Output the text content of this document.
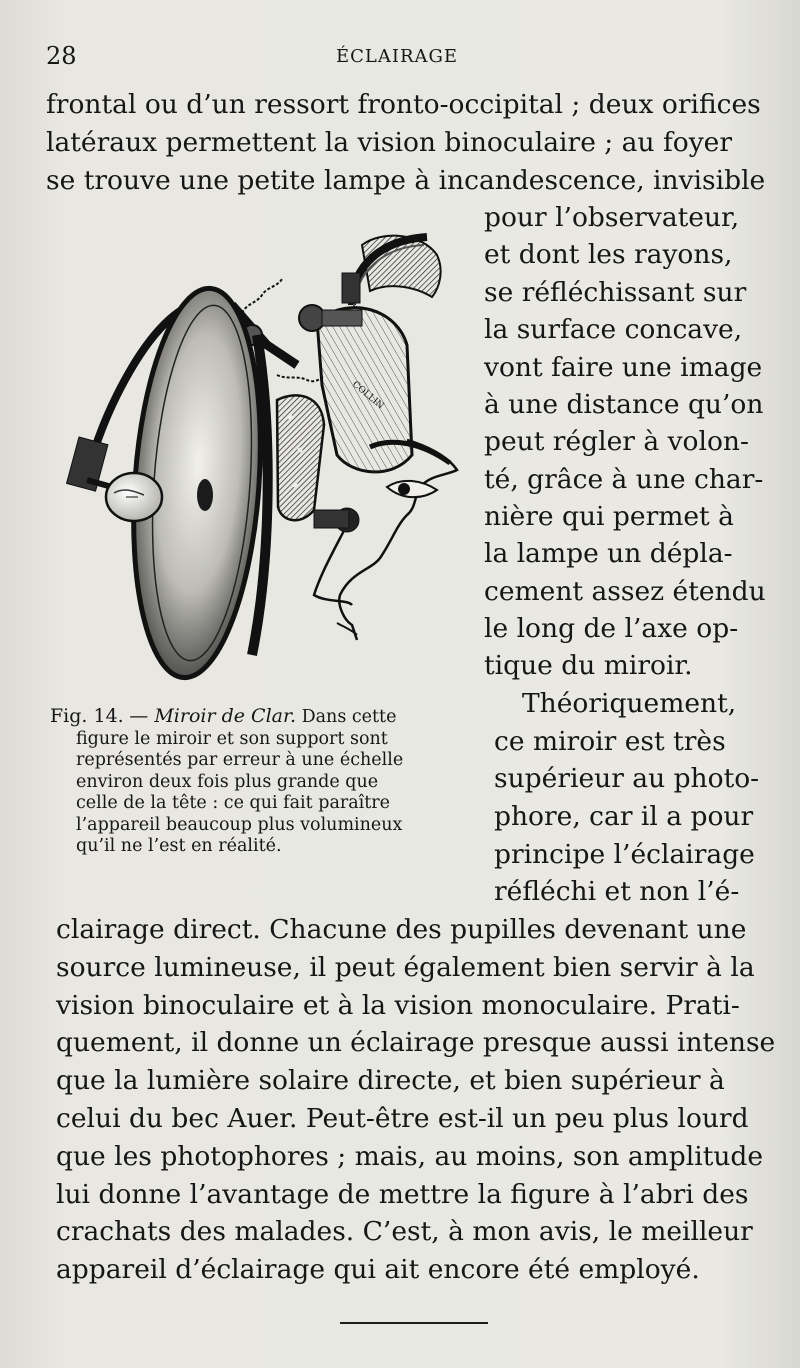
28	ÉCLAIRAGE
frontal ou d’un ressort fronto-occipital ; deux orifices
latéraux permettent la vision binoculaire ; au foyer
se trouve une petite lampe à incandescence, invisible
pour l’observateur,
et dont les rayons,
se réfléchissant sur
la surface concave,
vont faire une image
à une distance qu’on
peut régler à volon-
té, grâce à une char-
nière qui permet à
la lampe un dépla-
cement assez étendu
le long de l’axe op-
tique du miroir.
Théoriquement,
ce miroir est très
supérieur au photo-
phore, car il a pour
principe l’éclairage
réfléchi et non l’é-
Fig. 14. — Miroir de Clar. Dans cette
figure le miroir et son support sont
représentés par erreur à une échelle
environ deux fois plus grande que
celle de la tête : ce qui fait paraître
l’appareil beaucoup plus volumineux
qu’il ne l’est en réalité.
clairage direct. Chacune des pupilles devenant une
source lumineuse, il peut également bien servir à la
vision binoculaire et à la vision monoculaire. Prati-
quement, il donne un éclairage presque aussi intense
que la lumière solaire directe, et bien supérieur à
celui du bec Auer. Peut-être est-il un peu plus lourd
que les photophores ; mais, au moins, son amplitude
lui donne l’avantage de mettre la figure à l’abri des
crachats des malades. C’est, à mon avis, le meilleur
appareil d’éclairage qui ait encore été employé.
COLLIN
